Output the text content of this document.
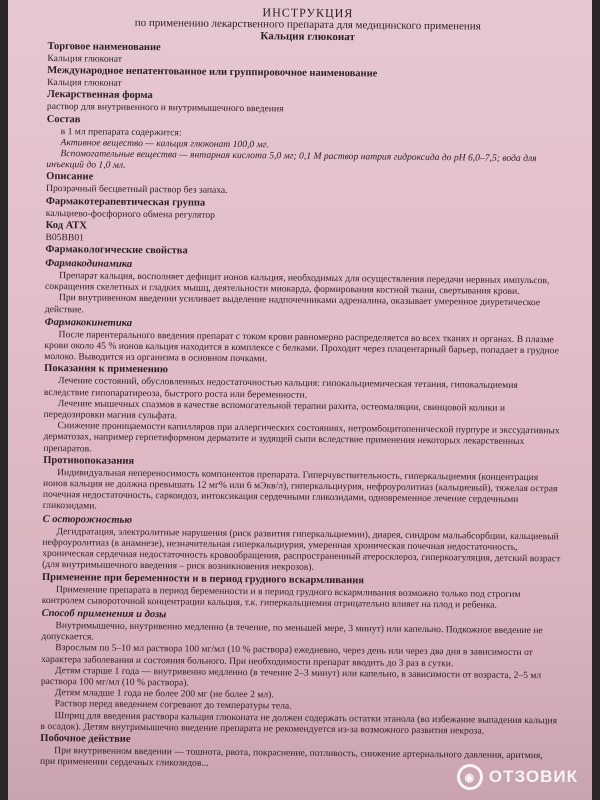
ИНСТРУКЦИЯ
по применению лекарственного препарата для медицинского применения
Кальция глюконат
Торговое наименование

Кальция глюконат

Международное непатентованное или группировочное наименование

Кальция глюконат

Лекарственная форма

раствор для внутривенного и внутримышечного введения

Состав

в 1 мл препарата содержится:

Активное вещество — кальция глюконат 100,0 мг.

Вспомогательные вещества — янтарная кислота 5,0 мг; 0,1 М раствор натрия гидроксида до pH 6,0–7,5; вода для инъекций до 1,0 мл.

Описание

Прозрачный бесцветный раствор без запаха.

Фармакотерапевтическая группа

кальциево-фосфорного обмена регулятор

Код АТХ

B05BB01

Фармакологические свойства
Фармакодинамика

Препарат кальция, восполняет дефицит ионов кальция, необходимых для осуществления передачи нервных импульсов, сокращения скелетных и гладких мышц, деятельности миокарда, формирования костной ткани, свертывания крови.

При внутривенном введении усиливает выделение надпочечниками адреналина, оказывает умеренное диуретическое действие.

Фармакокинетика

После парентерального введения препарат с током крови равномерно распределяется во всех тканях и органах. В плазме крови около 45 % ионов кальция находится в комплексе с белками. Проходит через плацентарный барьер, попадает в грудное молоко. Выводится из организма в основном почками.

Показания к применению

Лечение состояний, обусловленных недостаточностью кальция: гипокальциемическая тетания, гипокальциемия вследствие гипопаратиреоза, быстрого роста или беременности.

Лечение мышечных спазмов в качестве вспомогательной терапии рахита, остеомаляции, свинцовой колики и передозировки магния сульфата.

Снижение проницаемости капилляров при аллергических состояниях, нетромбоцитопенической пурпуре и экссудативных дерматозах, например герпетиформном дерматите и зудящей сыпи вследствие применения некоторых лекарственных препаратов.

Противопоказания

Индивидуальная непереносимость компонентов препарата. Гиперчувствительность, гиперкальциемия (концентрация ионов кальция не должна превышать 12 мг% или 6 мЭкв/л), гиперкальциурия, нефроуролитиаз (кальциевый), тяжелая острая почечная недостаточность, саркоидоз, интоксикация сердечными гликозидами, одновременное лечение сердечными гликозидами.

С осторожностью

Дегидратация, электролитные нарушения (риск развития гиперкальциемии), диарея, синдром мальабсорбции, кальциевый нефроуролитиаз (в анамнезе), незначительная гиперкальциурия, умеренная хроническая почечная недостаточность, хроническая сердечная недостаточность кровообращения, распространенный атеросклероз, гиперкоагуляция, детский возраст (для внутримышечного введения – риск возникновения некрозов).

Применение при беременности и в период грудного вскармливания

Применение препарата в период беременности и в период грудного вскармливания возможно только под строгим контролем сывороточной концентрации кальция, т.к. гиперкальциемия отрицательно влияет на плод и ребенка.

Способ применения и дозы

Внутримышечно, внутривенно медленно (в течение, по меньшей мере, 3 минут) или капельно. Подкожное введение не допускается.

Взрослым по 5–10 мл раствора 100 мг/мл (10 % раствора) ежедневно, через день или через два дня в зависимости от характера заболевания и состояния больного. При необходимости препарат вводить до 3 раз в сутки.

Детям старше 1 года — внутривенно медленно (в течение 2–3 минут) или капельно, в зависимости от возраста, 2–5 мл раствора 100 мг/мл (10 % раствора).

Детям младше 1 года не более 200 мг (не более 2 мл).

Раствор перед введением согревают до температуры тела.

Шприц для введения раствора кальция глюконата не должен содержать остатки этанола (во избежание выпадения кальция в осадок). Детям внутримышечно введение препарата не рекомендуется из-за возможного развития некроза.

Побочное действие

При внутривенном введении — тошнота, рвота, покраснение, потливость, снижение артериального давления, аритмия, при применении сердечных гликозидов...

◉ ОТЗОВИК
